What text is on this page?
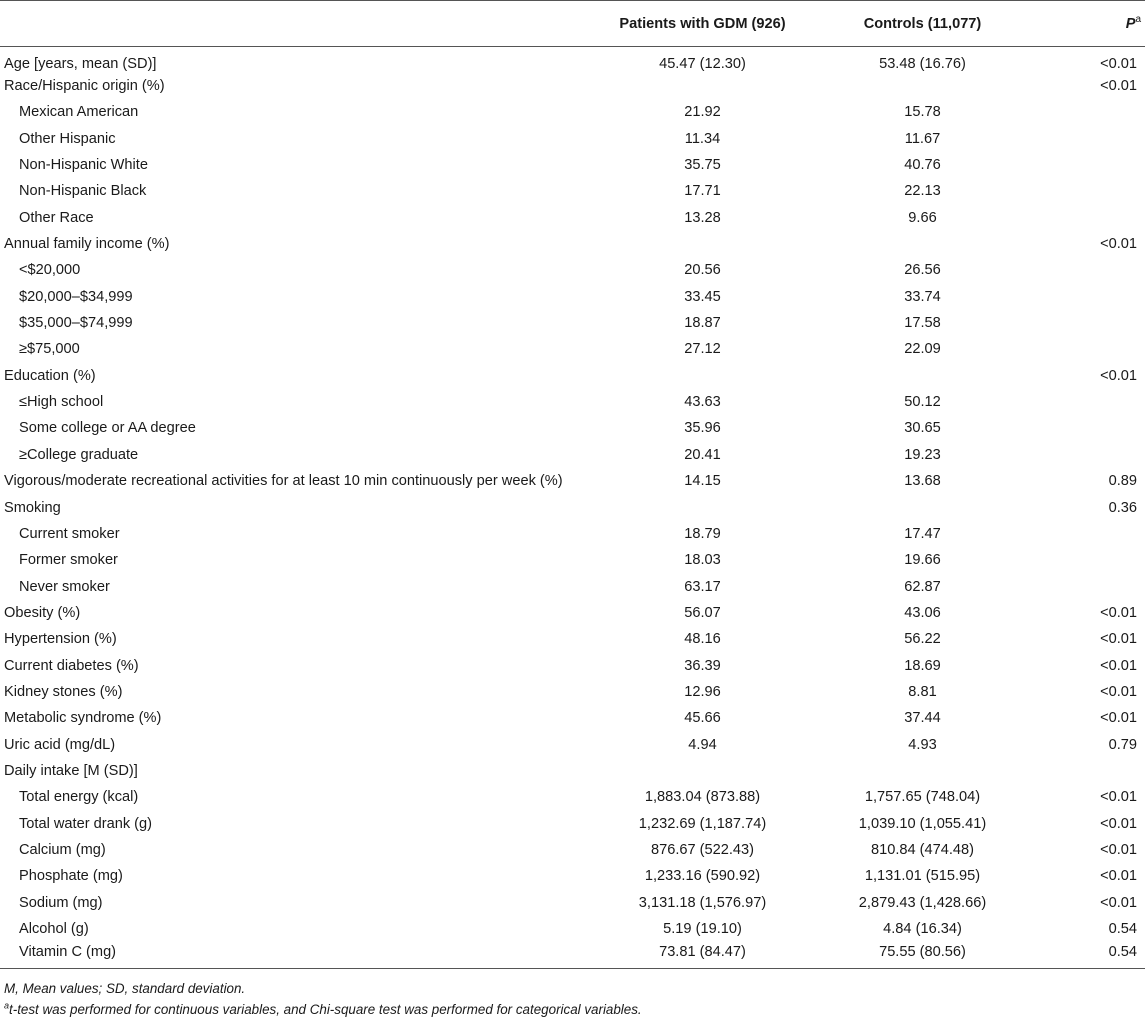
	Patients with GDM (926)	Controls (11,077)	$P^a$
Age [years, mean (SD)]	45.47 (12.30)	53.48 (16.76)	<0.01
Race/Hispanic origin (%)			<0.01
Mexican American	21.92	15.78	
Other Hispanic	11.34	11.67	
Non-Hispanic White	35.75	40.76	
Non-Hispanic Black	17.71	22.13	
Other Race	13.28	9.66	
Annual family income (%)			<0.01
<$20,000	20.56	26.56	
$20,000–$34,999	33.45	33.74	
$35,000–$74,999	18.87	17.58	
≥$75,000	27.12	22.09	
Education (%)			<0.01
≤High school	43.63	50.12	
Some college or AA degree	35.96	30.65	
≥College graduate	20.41	19.23	
Vigorous/moderate recreational activities for at least 10 min continuously per week (%)	14.15	13.68	0.89
Smoking			0.36
Current smoker	18.79	17.47	
Former smoker	18.03	19.66	
Never smoker	63.17	62.87	
Obesity (%)	56.07	43.06	<0.01
Hypertension (%)	48.16	56.22	<0.01
Current diabetes (%)	36.39	18.69	<0.01
Kidney stones (%)	12.96	8.81	<0.01
Metabolic syndrome (%)	45.66	37.44	<0.01
Uric acid (mg/dL)	4.94	4.93	0.79
Daily intake [M (SD)]			
Total energy (kcal)	1,883.04 (873.88)	1,757.65 (748.04)	<0.01
Total water drank (g)	1,232.69 (1,187.74)	1,039.10 (1,055.41)	<0.01
Calcium (mg)	876.67 (522.43)	810.84 (474.48)	<0.01
Phosphate (mg)	1,233.16 (590.92)	1,131.01 (515.95)	<0.01
Sodium (mg)	3,131.18 (1,576.97)	2,879.43 (1,428.66)	<0.01
Alcohol (g)	5.19 (19.10)	4.84 (16.34)	0.54
Vitamin C (mg)	73.81 (84.47)	75.55 (80.56)	0.54
M, Mean values; SD, standard deviation.
$^a$t-test was performed for continuous variables, and Chi-square test was performed for categorical variables.
